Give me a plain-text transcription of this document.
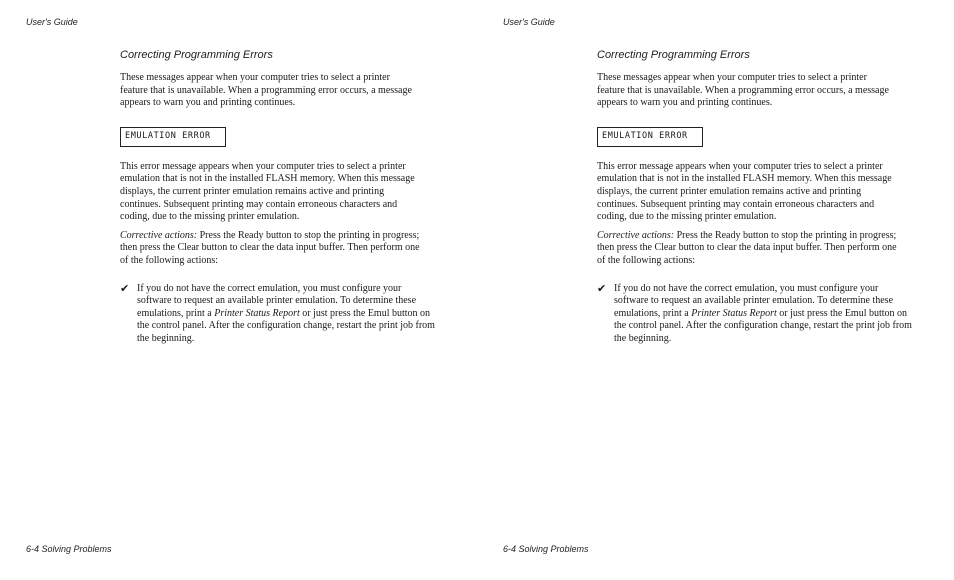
User's Guide
Correcting Programming Errors

These messages appear when your computer tries to select a printer feature that is unavailable. When a programming error occurs, a message appears to warn you and printing continues.

EMULATION ERROR

This error message appears when your computer tries to select a printer emulation that is not in the installed FLASH memory. When this message displays, the current printer emulation remains active and printing continues. Subsequent printing may contain erroneous characters and coding, due to the missing printer emulation.

Corrective actions: Press the Ready button to stop the printing in progress; then press the Clear button to clear the data input buffer. Then perform one of the following actions:

✔ If you do not have the correct emulation, you must configure your software to request an available printer emulation. To determine these emulations, print a Printer Status Report or just press the Emul button on the control panel. After the configuration change, restart the print job from the beginning.
6-4 Solving Problems
User's Guide
Correcting Programming Errors

These messages appear when your computer tries to select a printer feature that is unavailable. When a programming error occurs, a message appears to warn you and printing continues.

EMULATION ERROR

This error message appears when your computer tries to select a printer emulation that is not in the installed FLASH memory. When this message displays, the current printer emulation remains active and printing continues. Subsequent printing may contain erroneous characters and coding, due to the missing printer emulation.

Corrective actions: Press the Ready button to stop the printing in progress; then press the Clear button to clear the data input buffer. Then perform one of the following actions:

✔ If you do not have the correct emulation, you must configure your software to request an available printer emulation. To determine these emulations, print a Printer Status Report or just press the Emul button on the control panel. After the configuration change, restart the print job from the beginning.
6-4 Solving Problems
